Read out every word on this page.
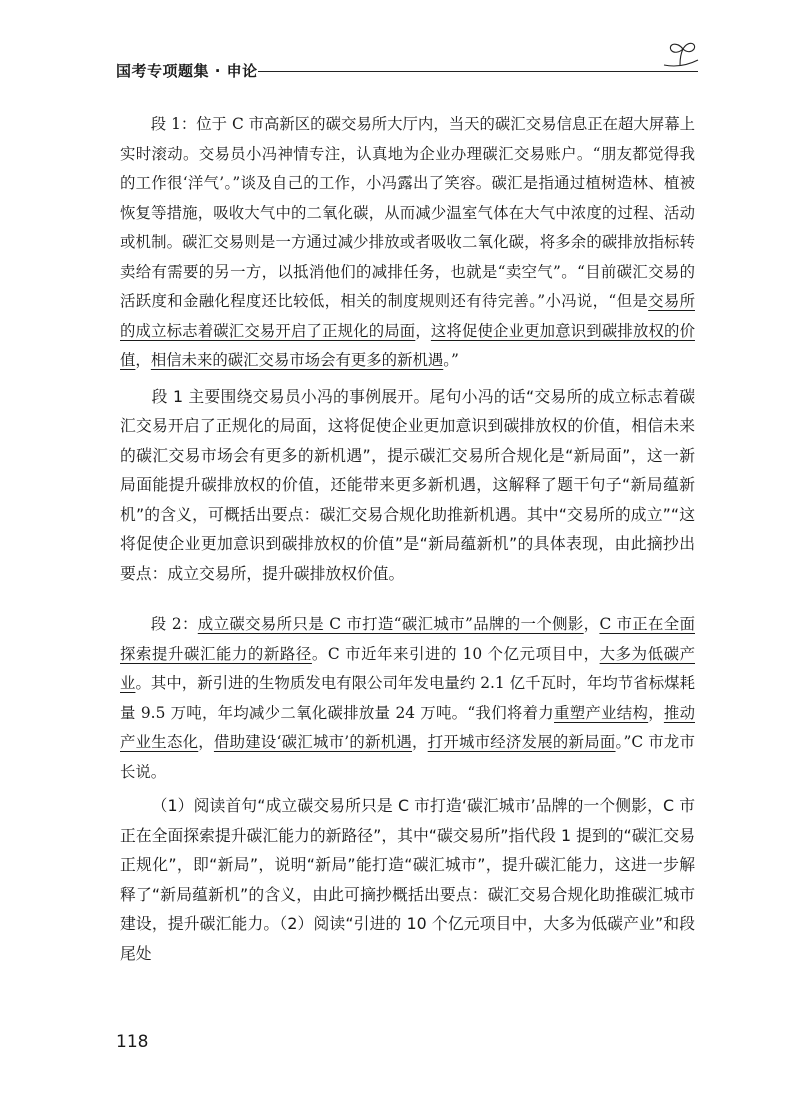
国考专项题集 · 申论

段 1：位于 C 市高新区的碳交易所大厅内，当天的碳汇交易信息正在超大屏幕上实时滚动。交易员小冯神情专注，认真地为企业办理碳汇交易账户。“朋友都觉得我的工作很‘洋气’。”谈及自己的工作，小冯露出了笑容。碳汇是指通过植树造林、植被恢复等措施，吸收大气中的二氧化碳，从而减少温室气体在大气中浓度的过程、活动或机制。碳汇交易则是一方通过减少排放或者吸收二氧化碳，将多余的碳排放指标转卖给有需要的另一方，以抵消他们的减排任务，也就是“卖空气”。“目前碳汇交易的活跃度和金融化程度还比较低，相关的制度规则还有待完善。”小冯说，“但是交易所的成立标志着碳汇交易开启了正规化的局面，这将促使企业更加意识到碳排放权的价值，相信未来的碳汇交易市场会有更多的新机遇。”

段 1 主要围绕交易员小冯的事例展开。尾句小冯的话“交易所的成立标志着碳汇交易开启了正规化的局面，这将促使企业更加意识到碳排放权的价值，相信未来的碳汇交易市场会有更多的新机遇”，提示碳汇交易所合规化是“新局面”，这一新局面能提升碳排放权的价值，还能带来更多新机遇，这解释了题干句子“新局蕴新机”的含义，可概括出要点：碳汇交易合规化助推新机遇。其中“交易所的成立”“这将促使企业更加意识到碳排放权的价值”是“新局蕴新机”的具体表现，由此摘抄出要点：成立交易所，提升碳排放权价值。

段 2：成立碳交易所只是 C 市打造“碳汇城市”品牌的一个侧影，C 市正在全面探索提升碳汇能力的新路径。C 市近年来引进的 10 个亿元项目中，大多为低碳产业。其中，新引进的生物质发电有限公司年发电量约 2.1 亿千瓦时，年均节省标煤耗量 9.5 万吨，年均减少二氧化碳排放量 24 万吨。“我们将着力重塑产业结构，推动产业生态化，借助建设‘碳汇城市’的新机遇，打开城市经济发展的新局面。”C 市龙市长说。

（1）阅读首句“成立碳交易所只是 C 市打造‘碳汇城市’品牌的一个侧影，C 市正在全面探索提升碳汇能力的新路径”，其中“碳交易所”指代段 1 提到的“碳汇交易正规化”，即“新局”，说明“新局”能打造“碳汇城市”，提升碳汇能力，这进一步解释了“新局蕴新机”的含义，由此可摘抄概括出要点：碳汇交易合规化助推碳汇城市建设，提升碳汇能力。（2）阅读“引进的 10 个亿元项目中，大多为低碳产业”和段尾处

118
